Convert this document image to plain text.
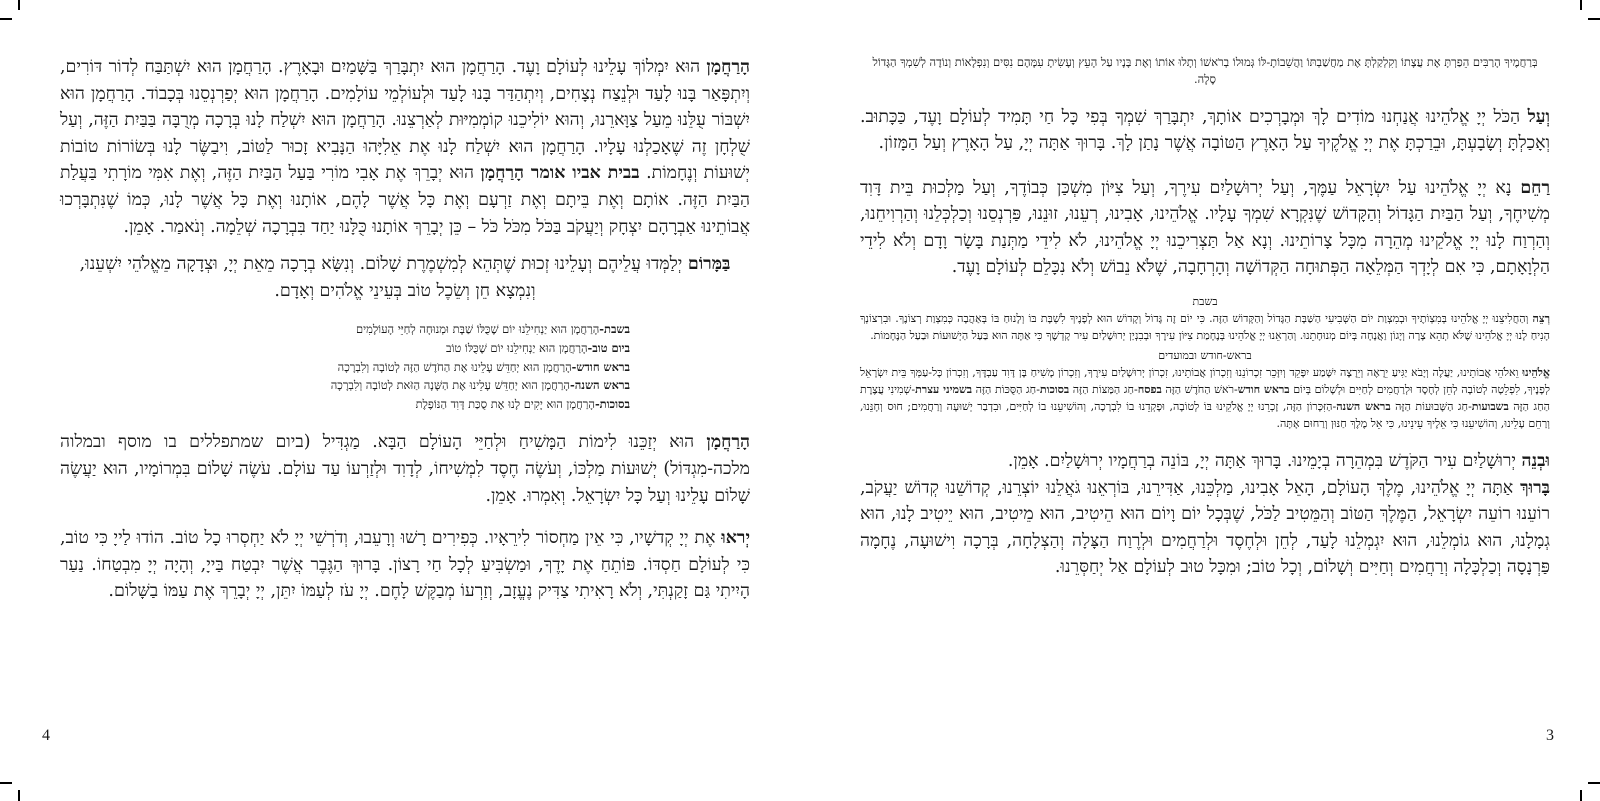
הָרַחֲמָן הוּא יִמְלוֹךְ עָלֵינוּ לְעוֹלָם וָעֶד. הָרַחֲמָן הוּא יִתְבָּרַךְ בַּשָּׁמַיִם וּבָאָרֶץ. הָרַחֲמָן הוּא יִשְׁתַּבַּח לְדוֹר דּוֹרִים, וְיִתְפָּאַר בָּנוּ לָעַד וּלְנֵצַח נְצָחִים, וְיִתְהַדַּר בָּנוּ לָעַד וּלְעוֹלְמֵי עוֹלָמִים. הָרַחֲמָן הוּא יְפַרְנְסֵנוּ בְּכָבוֹד. הָרַחֲמָן הוּא יִשְׁבּוֹר עֻלֵּנוּ מֵעַל צַוָּארֵנוּ, וְהוּא יוֹלִיכֵנוּ קוֹמְמִיּוּת לְאַרְצֵנוּ. הָרַחֲמָן הוּא יִשְׁלַח לָנוּ בְּרָכָה מְרֻבָּה בַּבַּיִת הַזֶּה, וְעַל שֻׁלְחָן זֶה שֶׁאָכַלְנוּ עָלָיו. הָרַחֲמָן הוּא יִשְׁלַח לָנוּ אֶת אֵלִיָּהוּ הַנָּבִיא זָכוּר לַטּוֹב, וִיבַשֶּׂר לָנוּ בְּשׂוֹרוֹת טוֹבוֹת יְשׁוּעוֹת וְנֶחָמוֹת. בבית אביו אומר הָרַחֲמָן הוּא יְבָרֵךְ אֶת אָבִי מוֹרִי בַּעַל הַבַּיִת הַזֶּה, וְאֶת אִמִּי מוֹרָתִי בַּעֲלַת הַבַּיִת הַזֶּה. אוֹתָם וְאֶת בֵּיתָם וְאֶת זַרְעָם וְאֶת כָּל אֲשֶׁר לָהֶם, אוֹתָנוּ וְאֶת כָּל אֲשֶׁר לָנוּ, כְּמוֹ שֶׁנִּתְבָּרְכוּ אֲבוֹתֵינוּ אַבְרָהָם יִצְחָק וְיַעֲקֹב בַּכֹּל מִכֹּל כֹּל – כֵּן יְבָרֵךְ אוֹתָנוּ כֻּלָּנוּ יַחַד בִּבְרָכָה שְׁלֵמָה. וְנֹאמַר. אָמֵן.

בַּמָּרוֹם יְלַמְּדוּ עֲלֵיהֶם וְעָלֵינוּ זְכוּת שֶׁתְּהֵא לְמִשְׁמֶרֶת שָׁלוֹם. וְנִשָּׂא בְרָכָה מֵאֵת יְיָ, וּצְדָקָה מֵאֱלֹהֵי יִשְׁעֵנוּ, וְנִמְצָא חֵן וְשֵׂכֶל טוֹב בְּעֵינֵי אֱלֹהִים וְאָדָם.

בשבת-הָרַחֲמָן הוּא יַנְחִילֵנוּ יוֹם שֶׁכֻּלּוֹ שַׁבָּת וּמְנוּחָה לְחַיֵּי הָעוֹלָמִים
ביום טוב-הָרַחֲמָן הוּא יַנְחִילֵנוּ יוֹם שֶׁכֻּלּוֹ טוֹב
בראש חודש-הָרַחֲמָן הוּא יְחַדֵּשׁ עָלֵינוּ אֶת הַחֹדֶשׁ הַזֶּה לְטוֹבָה וְלִבְרָכָה
בראש השנה-הָרַחֲמָן הוּא יְחַדֵּשׁ עָלֵינוּ אֶת הַשָּׁנָה הַזֹּאת לְטוֹבָה וְלִבְרָכָה
בסוכות-הָרַחֲמָן הוּא יָקִים לָנוּ אֶת סֻכַּת דָּוִד הַנּוֹפֶלֶת

הָרַחֲמָן הוּא יְזַכֵּנוּ לִימוֹת הַמָּשִׁיחַ וּלְחַיֵּי הָעוֹלָם הַבָּא. מַגְדִּיל (ביום שמתפללים בו מוסף ובמלוה מלכה-מִגְדּוֹל) יְשׁוּעוֹת מַלְכּוֹ, וְעֹשֶׂה חֶסֶד לִמְשִׁיחוֹ, לְדָוִד וּלְזַרְעוֹ עַד עוֹלָם. עֹשֶׂה שָׁלוֹם בִּמְרוֹמָיו, הוּא יַעֲשֶׂה שָׁלוֹם עָלֵינוּ וְעַל כָּל יִשְׂרָאֵל. וְאִמְרוּ. אָמֵן.

יְראוּ אֶת יְיָ קְדשָׁיו, כִּי אֵין מַחְסוֹר לִירֵאָיו. כְּפִירִים רָשׁוּ וְרָעֵבוּ, וְדֹרְשֵׁי יְיָ לֹא יַחְסְרוּ כָל טוֹב. הוֹדוּ לַייָ כִּי טוֹב, כִּי לְעוֹלָם חַסְדּוֹ. פּוֹתֵחַ אֶת יָדֶךָ, וּמַשְׂבִּיעַ לְכָל חַי רָצוֹן. בָּרוּךְ הַגֶּבֶר אֲשֶׁר יִבְטַח בַּייָ, וְהָיָה יְיָ מִבְטַחוֹ. נַעַר הָיִיתִי גַּם זָקַנְתִּי, וְלֹא רָאִיתִי צַדִּיק נֶעֱזָב, וְזַרְעוֹ מְבַקֶּשׁ לָחֶם. יְיָ עֹז לְעַמּוֹ יִתֵּן, יְיָ יְבָרֵךְ אֶת עַמּוֹ בַשָּׁלוֹם.

4

בְּרַחֲמֶיךָ הָרַבִּים הֵפַרְתָּ אֶת עֲצָתוֹ וְקִלְקַלְתָּ אֶת מַחֲשַׁבְתּוֹ וַהֲשֵׁבוֹתָ-לּוֹ גְּמוּלוֹ בְרֹאשׁוֹ וְתָלוּ אוֹתוֹ וְאֶת בָּנָיו עַל הָעֵץ וְעָשִׂיתָ עִמָּהֶם נִסִּים וְנִפְלָאוֹת וְנוֹדֶה לְשִׁמְךָ הַגָּדוֹל סֶלָה.

וְעַל הַכֹּל יְיָ אֱלֹהֵינוּ אֲנַחְנוּ מוֹדִים לָךְ וּמְבָרְכִים אוֹתָךְ, יִתְבָּרַךְ שִׁמְךָ בְּפִי כָּל חַי תָּמִיד לְעוֹלָם וָעֶד, כַּכָּתוּב. וְאָכַלְתָּ וְשָׂבָעְתָּ, וּבֵרַכְתָּ אֶת יְיָ אֱלֹקֶיךָ עַל הָאָרֶץ הַטּוֹבָה אֲשֶׁר נָתַן לָךְ. בָּרוּךְ אַתָּה יְיָ, עַל הָאָרֶץ וְעַל הַמָּזוֹן.

רַחֵם נָא יְיָ אֱלֹהֵינוּ עַל יִשְׂרָאֵל עַמֶּךָ, וְעַל יְרוּשָׁלַיִם עִירֶךָ, וְעַל צִיּוֹן מִשְׁכַּן כְּבוֹדֶךָ, וְעַל מַלְכוּת בֵּית דָּוִד מְשִׁיחֶךָ, וְעַל הַבַּיִת הַגָּדוֹל וְהַקָּדוֹשׁ שֶׁנִּקְרָא שִׁמְךָ עָלָיו. אֱלֹהֵינוּ, אָבִינוּ, רְעֵנוּ, זוּנֵנוּ, פַּרְנְסֵנוּ וְכַלְכְּלֵנוּ וְהַרְוִיחֵנוּ, וְהַרְוַח לָנוּ יְיָ אֱלֹקֵינוּ מְהֵרָה מִכָּל צָרוֹתֵינוּ. וְנָא אַל תַּצְרִיכֵנוּ יְיָ אֱלֹהֵינוּ, לֹא לִידֵי מַתְּנַת בָּשָׂר וָדָם וְלֹא לִידֵי הַלְוָאָתָם, כִּי אִם לְיָדְךָ הַמְּלֵאָה הַפְּתוּחָה הַקְּדוֹשָׁה וְהָרְחָבָה, שֶׁלֹּא נֵבוֹשׁ וְלֹא נִכָּלֵם לְעוֹלָם וָעֶד.

בשבת

רְצֵה וְהַחֲלִיצֵנוּ יְיָ אֱלֹהֵינוּ בְּמִצְוֹתֶיךָ וּבְמִצְוַת יוֹם הַשְּׁבִיעִי הַשַּׁבָּת הַגָּדוֹל וְהַקָּדוֹשׁ הַזֶּה. כִּי יוֹם זֶה גָּדוֹל וְקָדוֹשׁ הוּא לְפָנֶיךָ לִשְׁבָּת בּוֹ וְלָנוּחַ בּוֹ בְּאַהֲבָה כְּמִצְוַת רְצוֹנֶךָ. וּבִרְצוֹנְךָ הָנִיחַ לָנוּ יְיָ אֱלֹהֵינוּ שֶׁלֹּא תְהֵא צָרָה וְיָגוֹן וַאֲנָחָה בְּיוֹם מְנוּחָתֵנוּ. וְהַרְאֵנוּ יְיָ אֱלֹהֵינוּ בְּנֶחָמַת צִיּוֹן עִירֶךָ וּבְבִנְיַן יְרוּשָׁלַיִם עִיר קָדְשֶׁךָ כִּי אַתָּה הוּא בַּעַל הַיְשׁוּעוֹת וּבַעַל הַנֶּחָמוֹת.

בראש-חודש ובמועדים

אֱלֹהֵינוּ וֵאלֹהֵי אֲבוֹתֵינוּ, יַעֲלֶה וְיָבֹא יַגִּיעַ יֵרָאֶה וְיֵרָצֶה יִשָּׁמַע יִפָּקֵד וְיִזָּכֵר זִכְרוֹנֵנוּ וְזִכְרוֹן אֲבוֹתֵינוּ, זִכְרוֹן יְרוּשָׁלַיִם עִירֶךָ, וְזִכְרוֹן מָשִׁיחַ בֶּן דָּוִד עַבְדֶּךָ, וְזִכְרוֹן כָּל-עַמְּךָ בֵּית יִשְׂרָאֵל לְפָנֶיךָ, לִפְלֵטָה לְטוֹבָה לְחֵן לְחֶסֶד וּלְרַחֲמִים לְחַיִּים וּלְשָׁלוֹם בְּיוֹם בראש חודש-רֹאשׁ הַחֹדֶשׁ הַזֶּה בפסח-חַג הַמַּצּוֹת הַזֶּה בסוכות-חַג הַסֻּכּוֹת הַזֶּה בשמיני עצרת-שְׁמִינִי עֲצֶרֶת הַחַג הַזֶּה בשבועות-חַג הַשָּׁבוּעוֹת הַזֶּה בראש השנה-הַזִּכָּרוֹן הַזֶּה, זָכְרֵנוּ יְיָ אֱלֹקֵינוּ בּוֹ לְטוֹבָה, וּפָקְדֵנוּ בוֹ לִבְרָכָה, וְהוֹשִׁיעֵנוּ בוֹ לְחַיִּים, וּבִדְבַר יְשׁוּעָה וְרַחֲמִים; חוּס וְחָנֵּנוּ, וְרַחֵם עָלֵינוּ, וְהוֹשִׁיעֵנוּ כִּי אֵלֶיךָ עֵינֵינוּ, כִּי אֵל מֶלֶךְ חַנּוּן וְרַחוּם אָתָּה.

וּבְנֵה יְרוּשָׁלַיִם עִיר הַקֹּדֶשׁ בִּמְהֵרָה בְיָמֵינוּ. בָּרוּךְ אַתָּה יְיָ, בּוֹנֵה בְרַחֲמָיו יְרוּשָׁלַיִם. אָמֵן.

בָּרוּךְ אַתָּה יְיָ אֱלֹהֵינוּ, מֶלֶךְ הָעוֹלָם, הָאֵל אָבִינוּ, מַלְכֵּנוּ, אַדִּירֵנוּ, בּוֹרְאֵנוּ גֹּאֲלֵנוּ יוֹצְרֵנוּ, קְדוֹשֵׁנוּ קְדוֹשׁ יַעֲקֹב, רוֹעֵנוּ רוֹעֵה יִשְׂרָאֵל, הַמֶּלֶךְ הַטּוֹב וְהַמֵּטִיב לַכֹּל, שֶׁבְּכָל יוֹם וָיוֹם הוּא הֵיטִיב, הוּא מֵיטִיב, הוּא יֵיטִיב לָנוּ, הוּא גְמָלָנוּ, הוּא גוֹמְלֵנוּ, הוּא יִגְמְלֵנוּ לָעַד, לְחֵן וּלְחֶסֶד וּלְרַחֲמִים וּלְרֶוַח הַצָּלָה וְהַצְלָחָה, בְּרָכָה וִישׁוּעָה, נֶחָמָה פַּרְנָסָה וְכַלְכָּלָה וְרַחֲמִים וְחַיִּים וְשָׁלוֹם, וְכָל טוֹב; וּמִכָּל טוּב לְעוֹלָם אַל יְחַסְּרֵנוּ.

3
